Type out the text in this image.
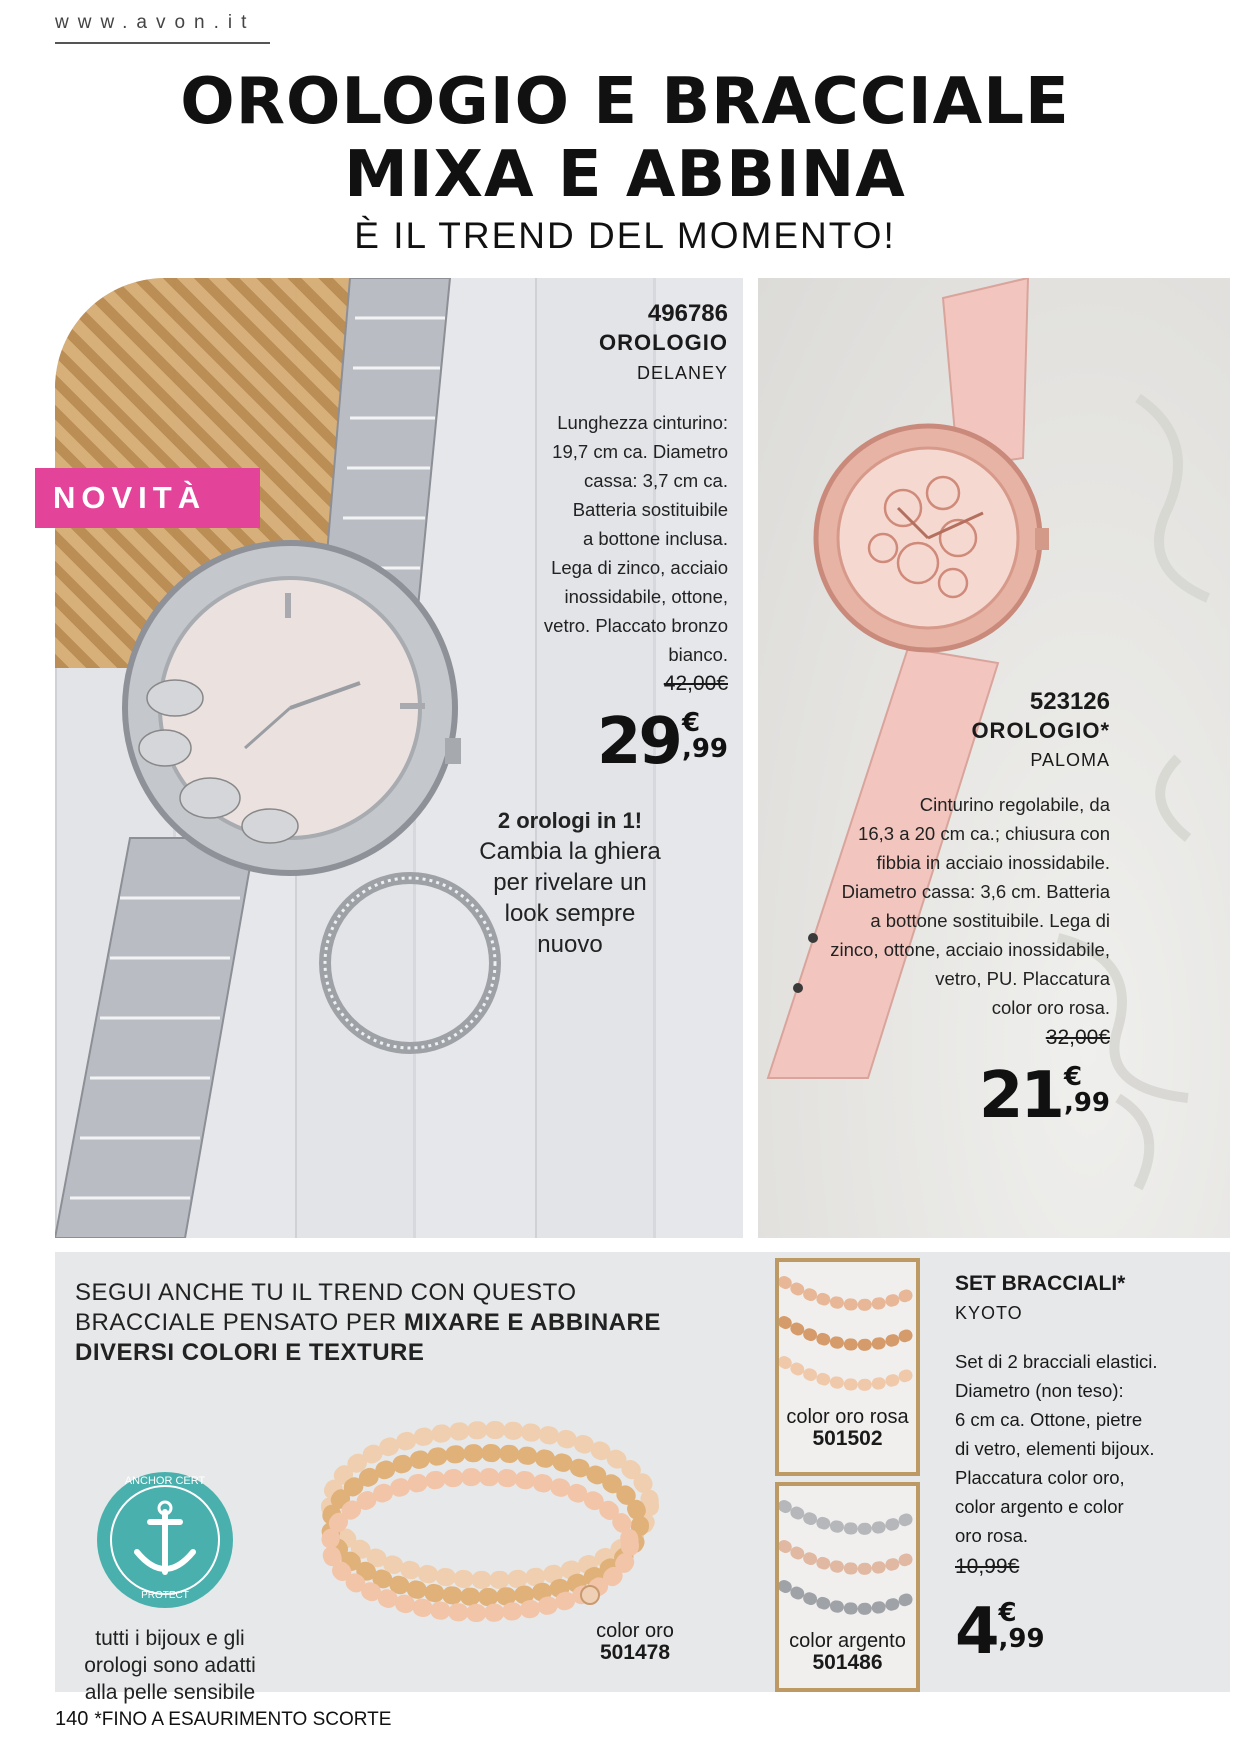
www.avon.it
OROLOGIO E BRACCIALE
MIXA E ABBINA
È IL TREND DEL MOMENTO!
NOVITÀ
496786
OROLOGIO
DELANEY
Lunghezza cinturino:
19,7 cm ca. Diametro
cassa: 3,7 cm ca.
Batteria sostituibile
a bottone inclusa.
Lega di zinco, acciaio
inossidabile, ottone,
vetro. Placcato bronzo
bianco.
42,00€
29 €
,99
2 orologi in 1!
Cambia la ghiera
per rivelare un
look sempre
nuovo
523126
OROLOGIO*
PALOMA
Cinturino regolabile, da
16,3 a 20 cm ca.; chiusura con
fibbia in acciaio inossidabile.
Diametro cassa: 3,6 cm. Batteria
a bottone sostituibile. Lega di
zinco, ottone, acciaio inossidabile,
vetro, PU. Placcatura
color oro rosa.
32,00€
21 €
,99
SEGUI ANCHE TU IL TREND CON QUESTO
BRACCIALE PENSATO PER MIXARE E ABBINARE
DIVERSI COLORI E TEXTURE
ANCHOR CERT
PROTECT
tutti i bijoux e gli
orologi sono adatti
alla pelle sensibile
color oro
501478
color oro rosa
501502
color argento
501486
SET BRACCIALI*
KYOTO
Set di 2 bracciali elastici.
Diametro (non teso):
6 cm ca. Ottone, pietre
di vetro, elementi bijoux.
Placcatura color oro,
color argento e color
oro rosa.
10,99€
4 €
,99
140 *FINO A ESAURIMENTO SCORTE
